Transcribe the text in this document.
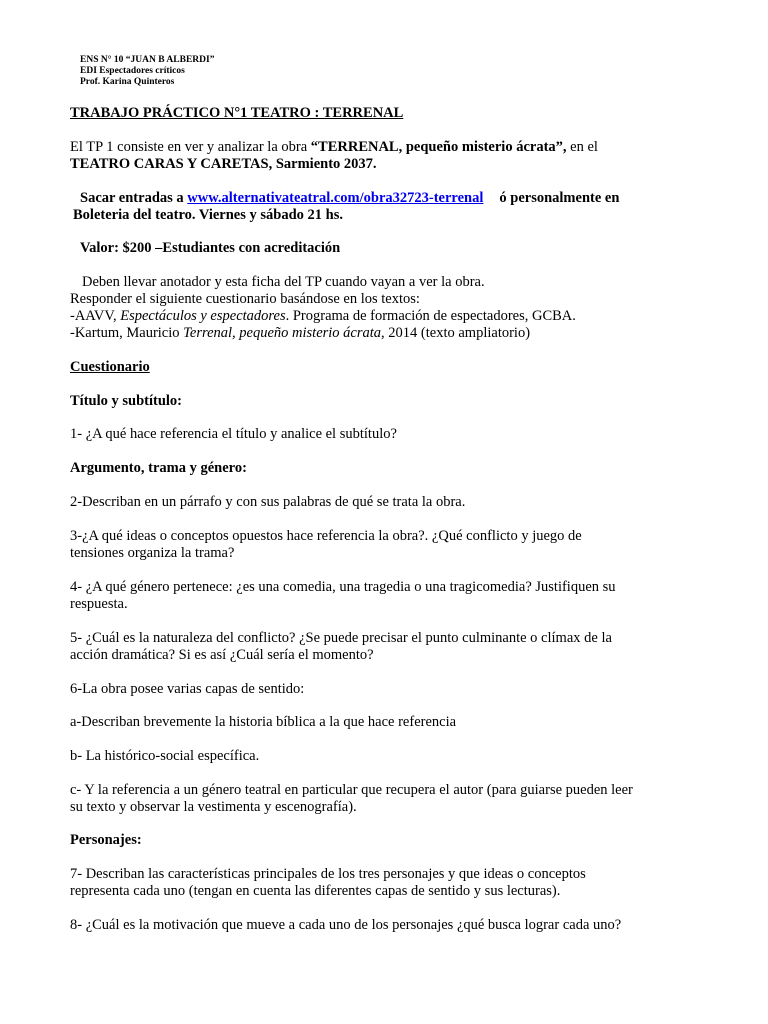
ENS N° 10 “JUAN B ALBERDI”

EDI Espectadores críticos

Prof. Karina Quinteros

TRABAJO PRÁCTICO N°1 TEATRO : TERRENAL

El TP 1 consiste en ver y analizar la obra “TERRENAL, pequeño misterio ácrata”, en el

TEATRO CARAS Y CARETAS, Sarmiento 2037.

Sacar entradas a www.alternativateatral.com/obra32723-terrenal ó personalmente en

Boleteria del teatro. Viernes y sábado 21 hs.

Valor: $200 –Estudiantes con acreditación

Deben llevar anotador y esta ficha del TP cuando vayan a ver la obra.

Responder el siguiente cuestionario basándose en los textos:

-AAVV, Espectáculos y espectadores. Programa de formación de espectadores, GCBA.

-Kartum, Mauricio Terrenal, pequeño misterio ácrata, 2014 (texto ampliatorio)

Cuestionario

Título y subtítulo:

1- ¿A qué hace referencia el título y analice el subtítulo?

Argumento, trama y género:

2-Describan en un párrafo y con sus palabras de qué se trata la obra.

3-¿A qué ideas o conceptos opuestos hace referencia la obra?. ¿Qué conflicto y juego de

tensiones organiza la trama?

4- ¿A qué género pertenece: ¿es una comedia, una tragedia o una tragicomedia? Justifiquen su

respuesta.

5- ¿Cuál es la naturaleza del conflicto? ¿Se puede precisar el punto culminante o clímax de la

acción dramática? Si es así ¿Cuál sería el momento?

6-La obra posee varias capas de sentido:

a-Describan brevemente la historia bíblica a la que hace referencia

b- La histórico-social específica.

c- Y la referencia a un género teatral en particular que recupera el autor (para guiarse pueden leer

su texto y observar la vestimenta y escenografía).

Personajes:

7- Describan las características principales de los tres personajes y que ideas o conceptos

representa cada uno (tengan en cuenta las diferentes capas de sentido y sus lecturas).

8- ¿Cuál es la motivación que mueve a cada uno de los personajes ¿qué busca lograr cada uno?
